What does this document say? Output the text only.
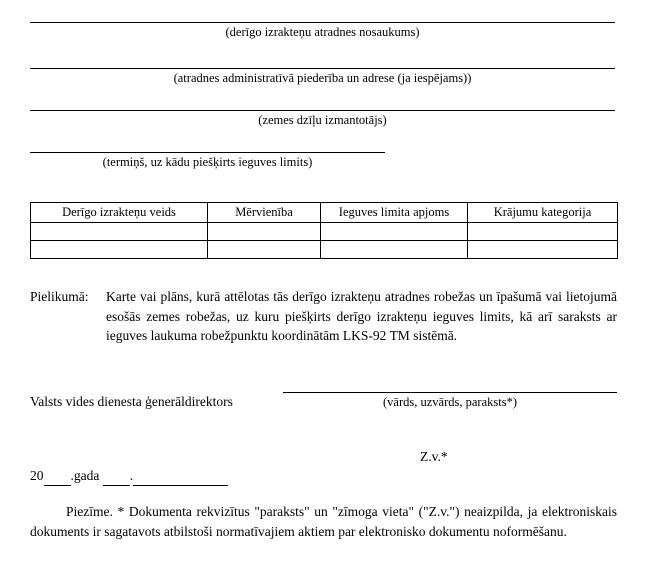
(derīgo izrakteņu atradnes nosaukums)
(atradnes administratīvā piederība un adrese (ja iespējams))
(zemes dzīļu izmantotājs)
(termiņš, uz kādu piešķirts ieguves limits)
Derīgo izrakteņu veids	Mērvienība	Ieguves limita apjoms	Krājumu kategorija

Pielikumā:	Karte vai plāns, kurā attēlotas tās derīgo izrakteņu atradnes robežas un īpašumā vai lietojumā esošās zemes robežas, uz kuru piešķirts derīgo izrakteņu ieguves limits, kā arī saraksts ar ieguves laukuma robežpunktu koordinātām LKS-92 TM sistēmā.
Valsts vides dienesta ģenerāldirektors	(vārds, uzvārds, paraksts*)
Z.v.*
20 .gada .
Piezīme. * Dokumenta rekvizītus "paraksts" un "zīmoga vieta" ("Z.v.") neaizpilda, ja elektroniskais dokuments ir sagatavots atbilstoši normatīvajiem aktiem par elektronisko dokumentu noformēšanu.
